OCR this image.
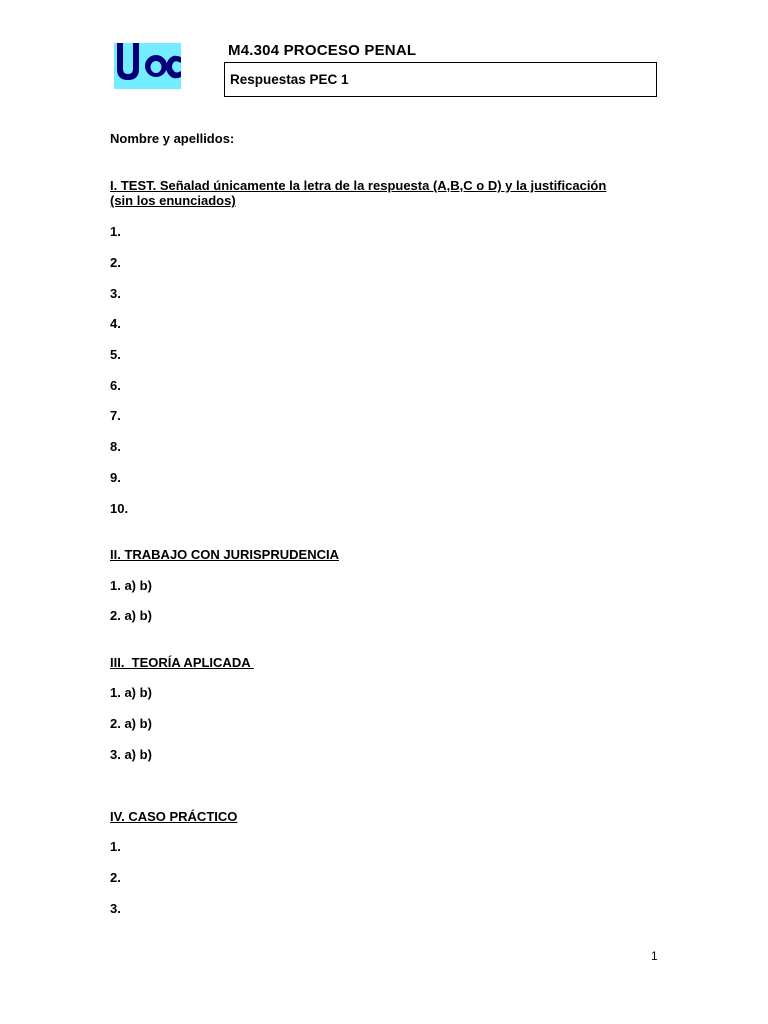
M4.304 PROCESO PENAL
Respuestas PEC 1
Nombre y apellidos:
I. TEST. Señalad únicamente la letra de la respuesta (A,B,C o D) y la justificación
(sin los enunciados)
1.
2.
3.
4.
5.
6.
7.
8.
9.
10.
II. TRABAJO CON JURISPRUDENCIA
1. a) b)
2. a) b)
III.  TEORÍA APLICADA
1. a) b)
2. a) b)
3. a) b)
IV. CASO PRÁCTICO
1.
2.
3.
1
